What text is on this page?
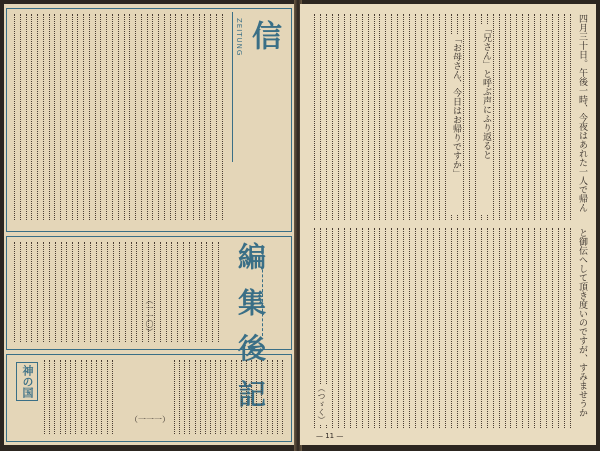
信
ZEITUNG
編 集 後 記
（一一〇）
神の国
（一一一）
四月三十日。午後一時、今夜はあれた一人で帰ん
「兄さん」と呼ぶ声にふり返ると
「お母さん、今日はお帰りですか」
と御伝へして頂き度いのですが、すみませうか
（つゞく）
— 11 —
